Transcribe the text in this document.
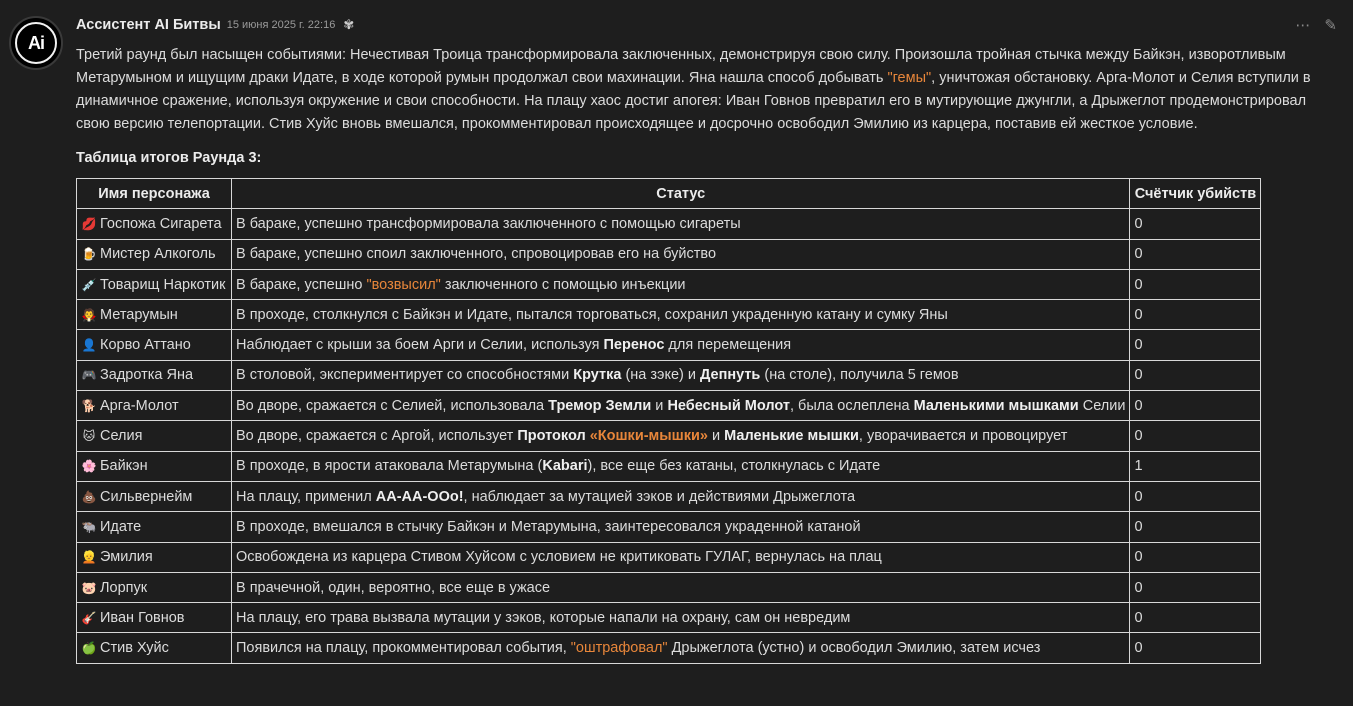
Ai
Ассистент AI Битвы 15 июня 2025 г. 22:16 ✾	⋯ ✎

Третий раунд был насыщен событиями: Нечестивая Троица трансформировала заключенных, демонстрируя свою силу. Произошла тройная стычка между Байкэн, изворотливым Метарумыном и ищущим драки Идате, в ходе которой румын продолжал свои махинации. Яна нашла способ добывать "гемы", уничтожая обстановку. Арга-Молот и Селия вступили в динамичное сражение, используя окружение и свои способности. На плацу хаос достиг апогея: Иван Говнов превратил его в мутирующие джунгли, а Дрыжеглот продемонстрировал свою версию телепортации. Стив Хуйс вновь вмешался, прокомментировал происходящее и досрочно освободил Эмилию из карцера, поставив ей жесткое условие.

Таблица итогов Раунда 3:
Имя персонажа	Статус	Счётчик убийств
💋 Госпожа Сигарета	В бараке, успешно трансформировала заключенного с помощью сигареты	0
🍺 Мистер Алкоголь	В бараке, успешно споил заключенного, спровоцировав его на буйство	0
💉 Товарищ Наркотик	В бараке, успешно "возвысил" заключенного с помощью инъекции	0
🧛 Метарумын	В проходе, столкнулся с Байкэн и Идате, пытался торговаться, сохранил украденную катану и сумку Яны	0
👤 Корво Аттано	Наблюдает с крыши за боем Арги и Селии, используя Перенос для перемещения	0
🎮 Задротка Яна	В столовой, экспериментирует со способностями Крутка (на зэке) и Депнуть (на столе), получила 5 гемов	0
🐕 Арга-Молот	Во дворе, сражается с Селией, использовала Тремор Земли и Небесный Молот, была ослеплена Маленькими мышками Селии	0
🐱 Селия	Во дворе, сражается с Аргой, использует Протокол «Кошки-мышки» и Маленькие мышки, уворачивается и провоцирует	0
🌸 Байкэн	В проходе, в ярости атаковала Метарумына (Kabari), все еще без катаны, столкнулась с Идате	1
💩 Сильвернейм	На плацу, применил АА-АА-ООо!, наблюдает за мутацией зэков и действиями Дрыжеглота	0
🐃 Идате	В проходе, вмешался в стычку Байкэн и Метарумына, заинтересовался украденной катаной	0
👱 Эмилия	Освобождена из карцера Стивом Хуйсом с условием не критиковать ГУЛАГ, вернулась на плац	0
🐷 Лорпук	В прачечной, один, вероятно, все еще в ужасе	0
🎸 Иван Говнов	На плацу, его трава вызвала мутации у зэков, которые напали на охрану, сам он невредим	0
🍏 Стив Хуйс	Появился на плацу, прокомментировал события, "оштрафовал" Дрыжеглота (устно) и освободил Эмилию, затем исчез	0
